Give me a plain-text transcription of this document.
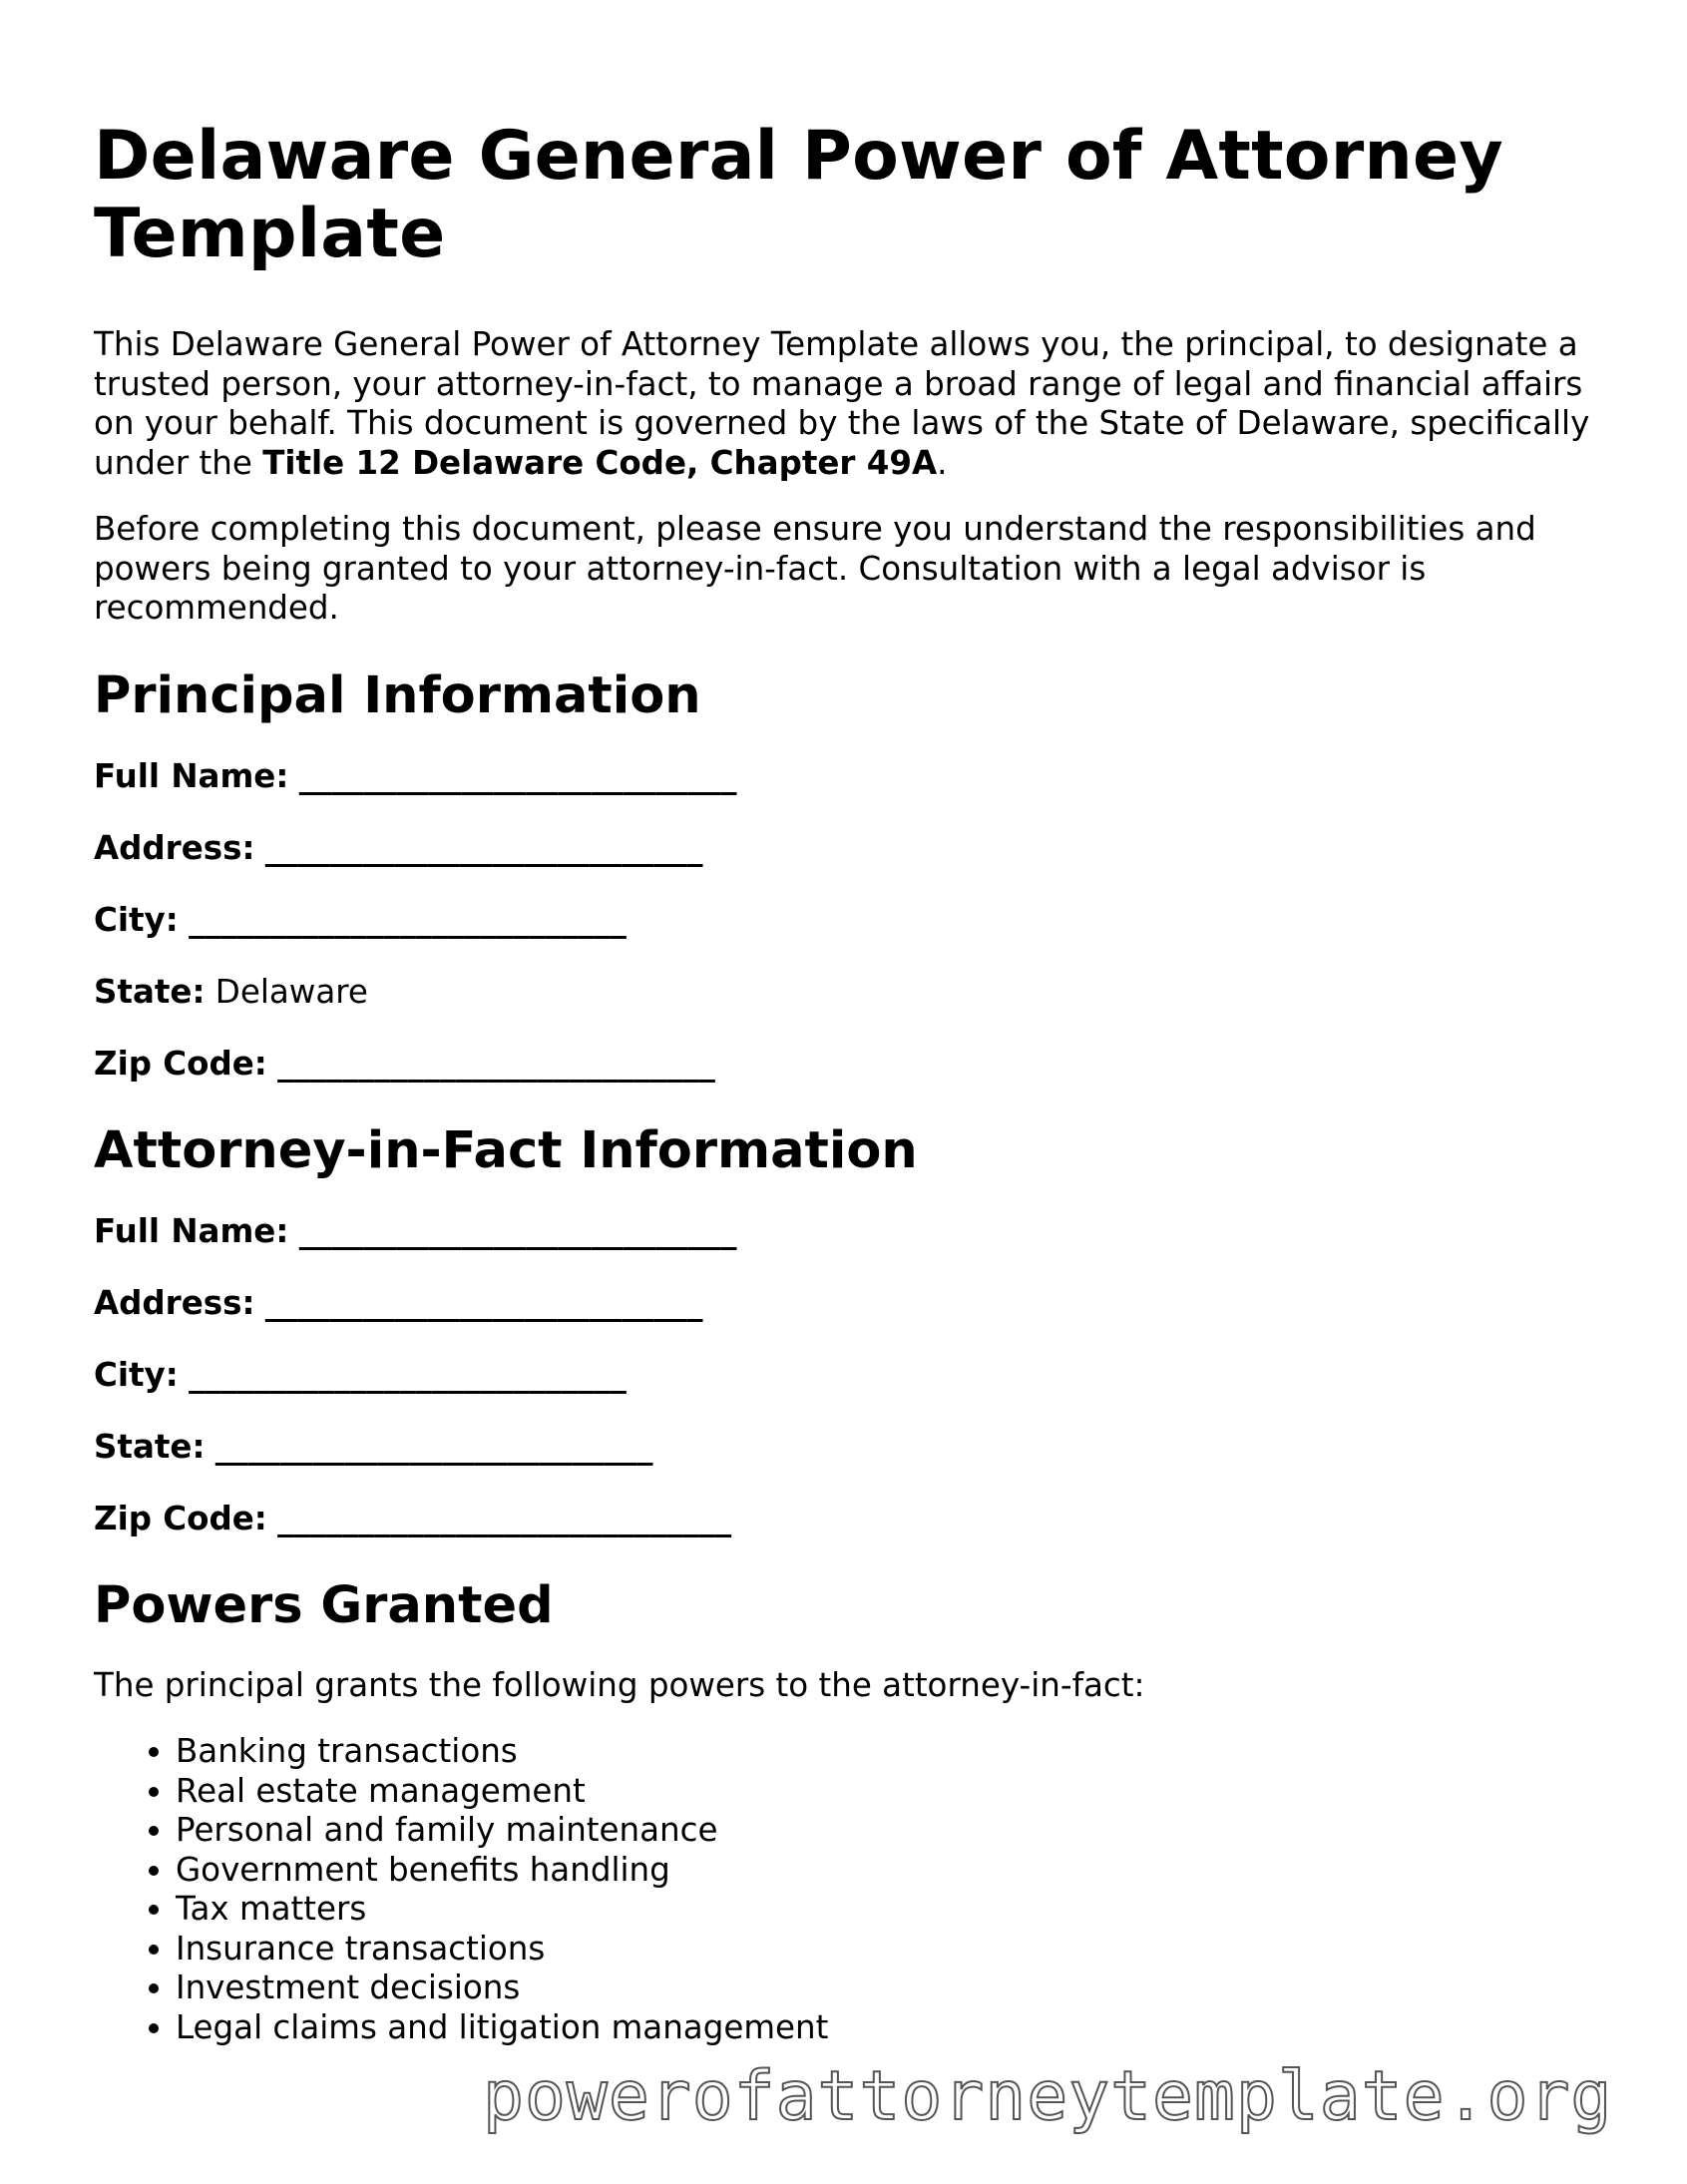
Delaware General Power of Attorney Template

This Delaware General Power of Attorney Template allows you, the principal, to designate a trusted person, your attorney-in-fact, to manage a broad range of legal and financial affairs on your behalf. This document is governed by the laws of the State of Delaware, specifically under the Title 12 Delaware Code, Chapter 49A.

Before completing this document, please ensure you understand the responsibilities and powers being granted to your attorney-in-fact. Consultation with a legal advisor is recommended.

Principal Information
Full Name: ___________________________
Address: ___________________________
City: ___________________________
State: Delaware
Zip Code: ___________________________
Attorney-in-Fact Information
Full Name: ___________________________
Address: ___________________________
City: ___________________________
State: ___________________________
Zip Code: ____________________________
Powers Granted

The principal grants the following powers to the attorney-in-fact:

• Banking transactions
• Real estate management
• Personal and family maintenance
• Government benefits handling
• Tax matters
• Insurance transactions
• Investment decisions
• Legal claims and litigation management
powerofattorneytemplate.org
